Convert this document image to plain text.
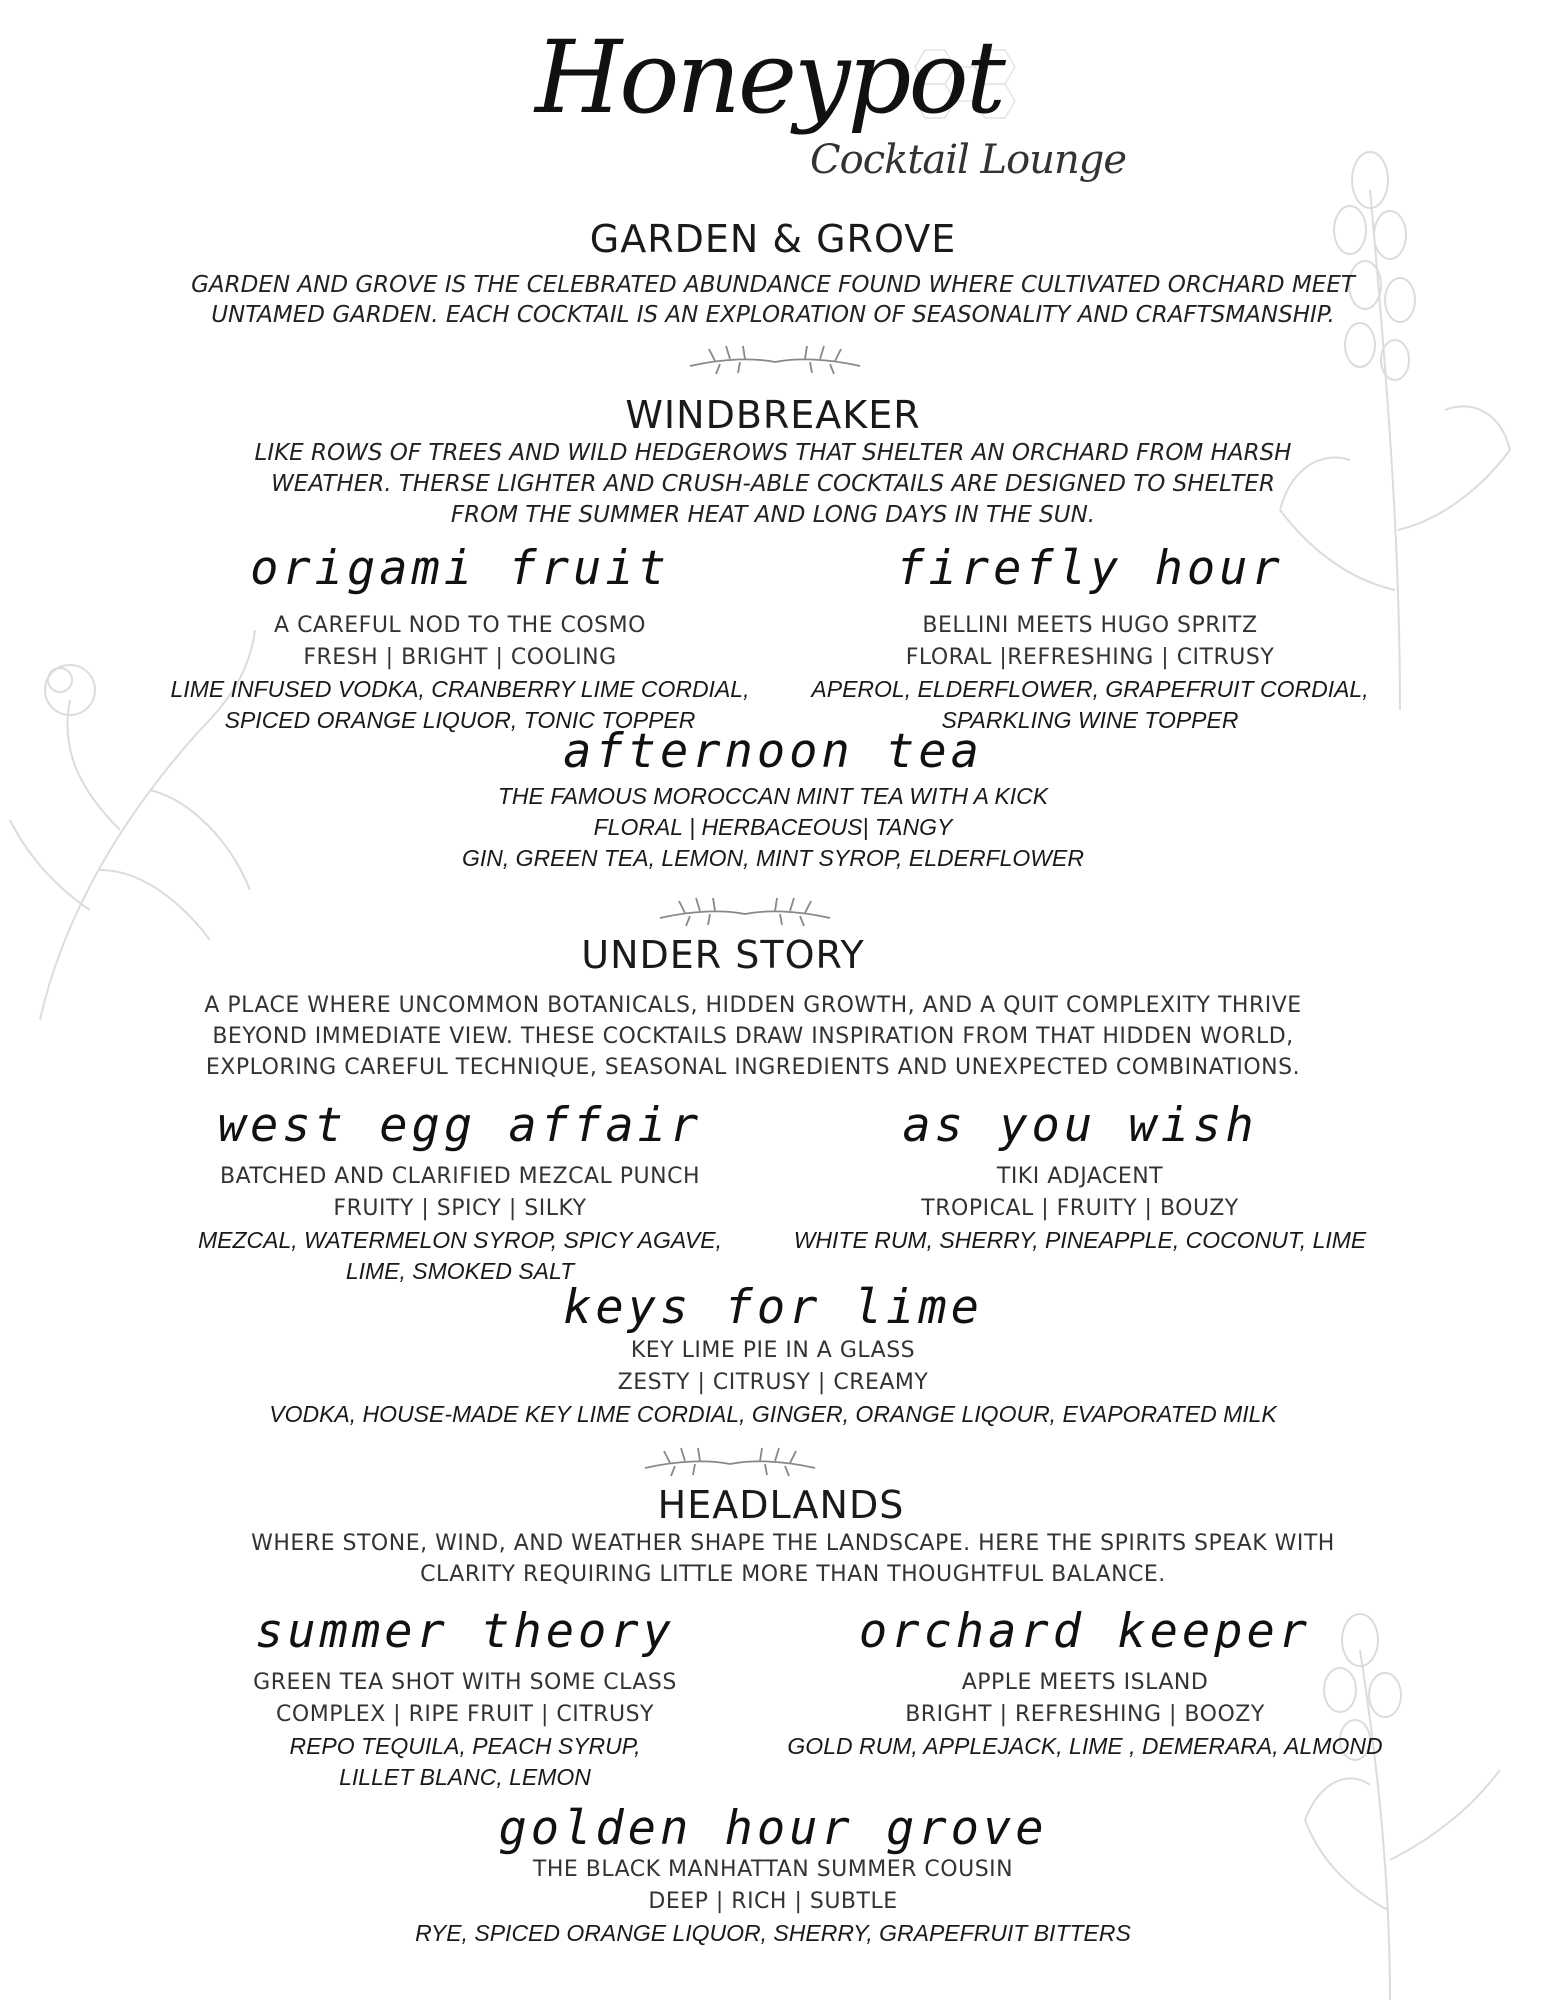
Honeypot
Cocktail Lounge
GARDEN & GROVE
GARDEN AND GROVE IS THE CELEBRATED ABUNDANCE FOUND WHERE CULTIVATED ORCHARD MEET
UNTAMED GARDEN. EACH COCKTAIL IS AN EXPLORATION OF SEASONALITY AND CRAFTSMANSHIP.
WINDBREAKER
LIKE ROWS OF TREES AND WILD HEDGEROWS THAT SHELTER AN ORCHARD FROM HARSH
WEATHER. THERSE LIGHTER AND CRUSH-ABLE COCKTAILS ARE DESIGNED TO SHELTER
FROM THE SUMMER HEAT AND LONG DAYS IN THE SUN.
origami fruit
A CAREFUL NOD TO THE COSMO
FRESH | BRIGHT | COOLING
LIME INFUSED VODKA, CRANBERRY LIME CORDIAL,
SPICED ORANGE LIQUOR, TONIC TOPPER
firefly hour
BELLINI MEETS HUGO SPRITZ
FLORAL |REFRESHING | CITRUSY
APEROL, ELDERFLOWER, GRAPEFRUIT CORDIAL,
SPARKLING WINE TOPPER
afternoon tea
THE FAMOUS MOROCCAN MINT TEA WITH A KICK
FLORAL | HERBACEOUS| TANGY
GIN, GREEN TEA, LEMON, MINT SYROP, ELDERFLOWER
UNDER STORY
A PLACE WHERE UNCOMMON BOTANICALS, HIDDEN GROWTH, AND A QUIT COMPLEXITY THRIVE
BEYOND IMMEDIATE VIEW. THESE COCKTAILS DRAW INSPIRATION FROM THAT HIDDEN WORLD,
EXPLORING CAREFUL TECHNIQUE, SEASONAL INGREDIENTS AND UNEXPECTED COMBINATIONS.
west egg affair
BATCHED AND CLARIFIED MEZCAL PUNCH
FRUITY | SPICY | SILKY
MEZCAL, WATERMELON SYROP, SPICY AGAVE,
LIME, SMOKED SALT
as you wish
TIKI ADJACENT
TROPICAL | FRUITY | BOUZY
WHITE RUM, SHERRY, PINEAPPLE, COCONUT, LIME
keys for lime
KEY LIME PIE IN A GLASS
ZESTY | CITRUSY | CREAMY
VODKA, HOUSE-MADE KEY LIME CORDIAL, GINGER, ORANGE LIQOUR, EVAPORATED MILK
HEADLANDS
WHERE STONE, WIND, AND WEATHER SHAPE THE LANDSCAPE. HERE THE SPIRITS SPEAK WITH
CLARITY REQUIRING LITTLE MORE THAN THOUGHTFUL BALANCE.
summer theory
GREEN TEA SHOT WITH SOME CLASS
COMPLEX | RIPE FRUIT | CITRUSY
REPO TEQUILA, PEACH SYRUP,
LILLET BLANC, LEMON
orchard keeper
APPLE MEETS ISLAND
BRIGHT | REFRESHING | BOOZY
GOLD RUM, APPLEJACK, LIME , DEMERARA, ALMOND
golden hour grove
THE BLACK MANHATTAN SUMMER COUSIN
DEEP | RICH | SUBTLE
RYE, SPICED ORANGE LIQUOR, SHERRY, GRAPEFRUIT BITTERS
